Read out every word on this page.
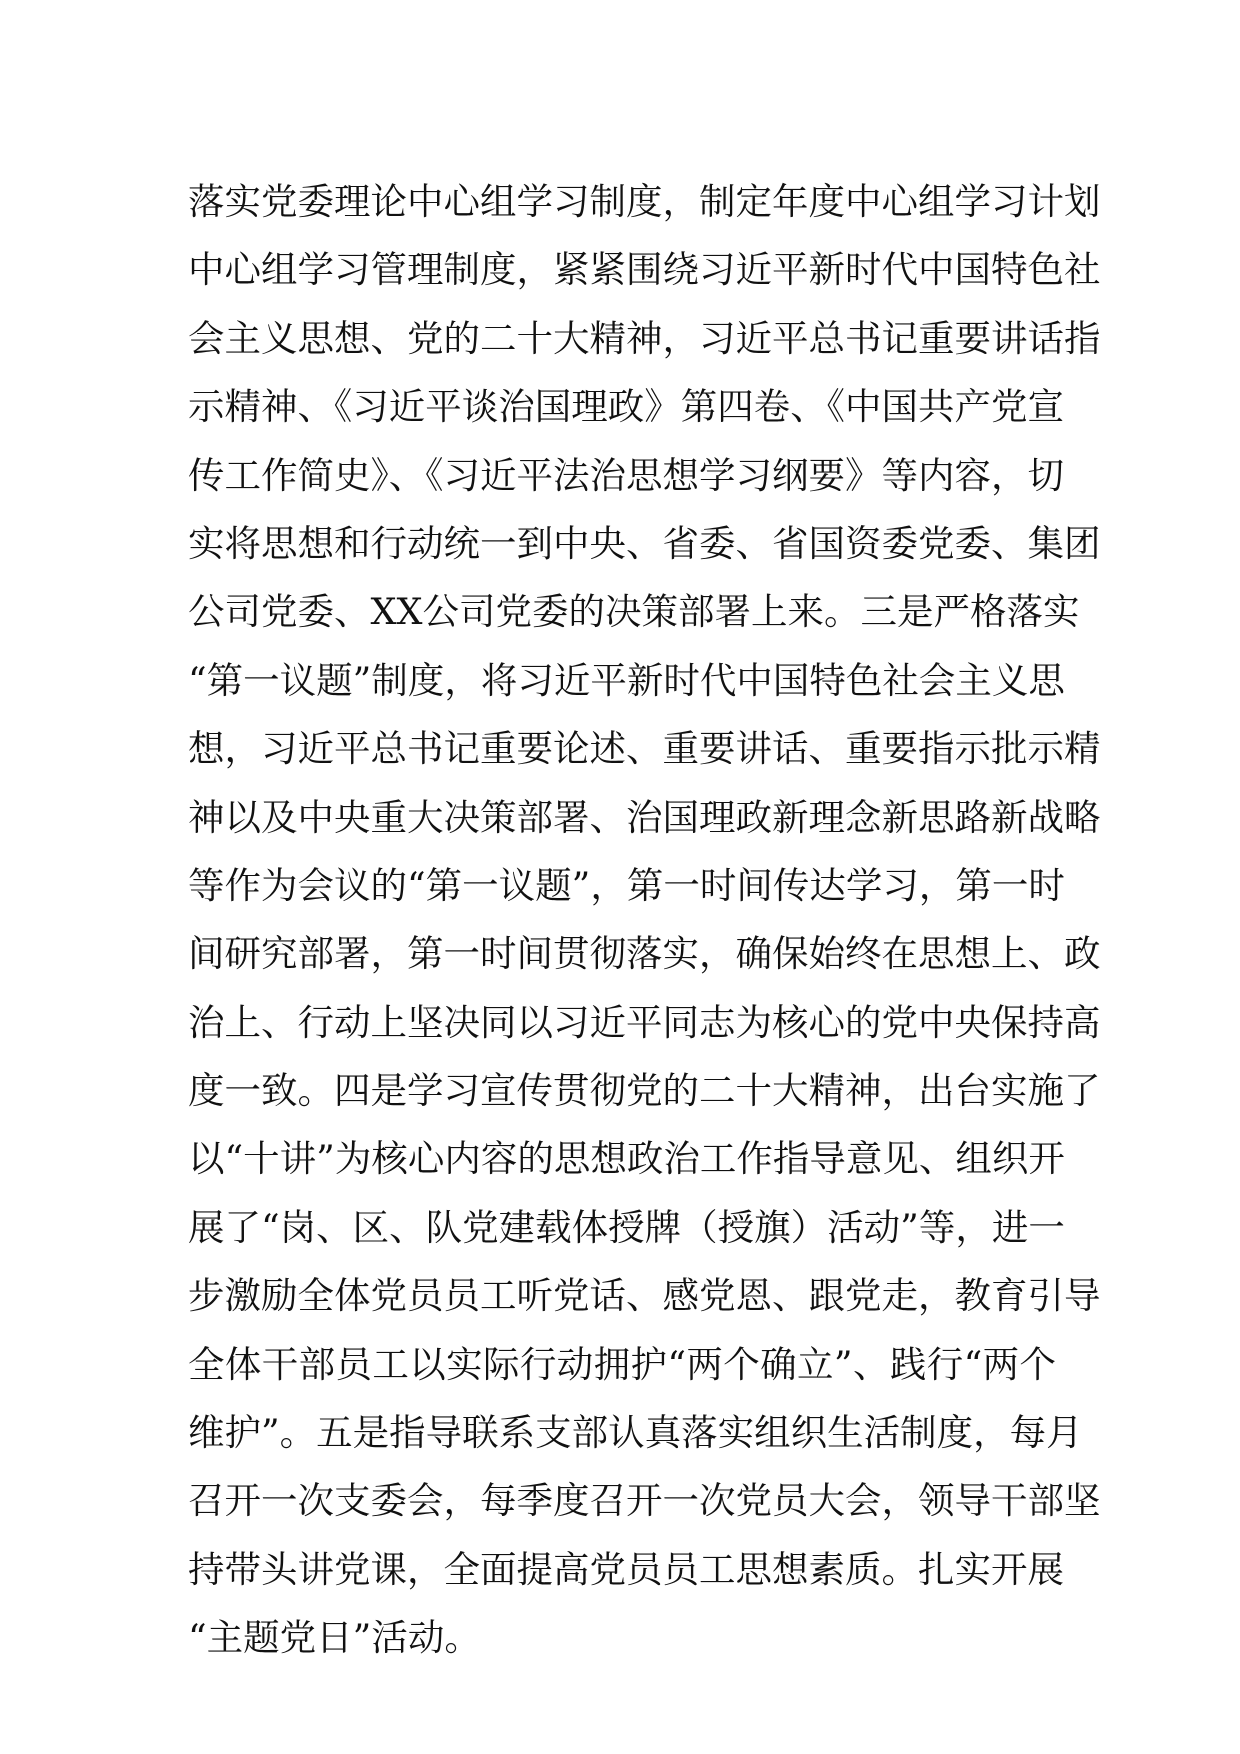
落实党委理论中心组学习制度，制定年度中心组学习计划
中心组学习管理制度，紧紧围绕习近平新时代中国特色社
会主义思想、党的二十大精神，习近平总书记重要讲话指
示精神、《习近平谈治国理政》第四卷、《中国共产党宣
传工作简史》、《习近平法治思想学习纲要》等内容，切
实将思想和行动统一到中央、省委、省国资委党委、集团
公司党委、XX公司党委的决策部署上来。三是严格落实
“第一议题”制度，将习近平新时代中国特色社会主义思
想，习近平总书记重要论述、重要讲话、重要指示批示精
神以及中央重大决策部署、治国理政新理念新思路新战略
等作为会议的“第一议题”，第一时间传达学习，第一时
间研究部署，第一时间贯彻落实，确保始终在思想上、政
治上、行动上坚决同以习近平同志为核心的党中央保持高
度一致。四是学习宣传贯彻党的二十大精神，出台实施了
以“十讲”为核心内容的思想政治工作指导意见、组织开
展了“岗、区、队党建载体授牌（授旗）活动”等，进一
步激励全体党员员工听党话、感党恩、跟党走，教育引导
全体干部员工以实际行动拥护“两个确立”、践行“两个
维护”。五是指导联系支部认真落实组织生活制度，每月
召开一次支委会，每季度召开一次党员大会，领导干部坚
持带头讲党课，全面提高党员员工思想素质。扎实开展
“主题党日”活动。
